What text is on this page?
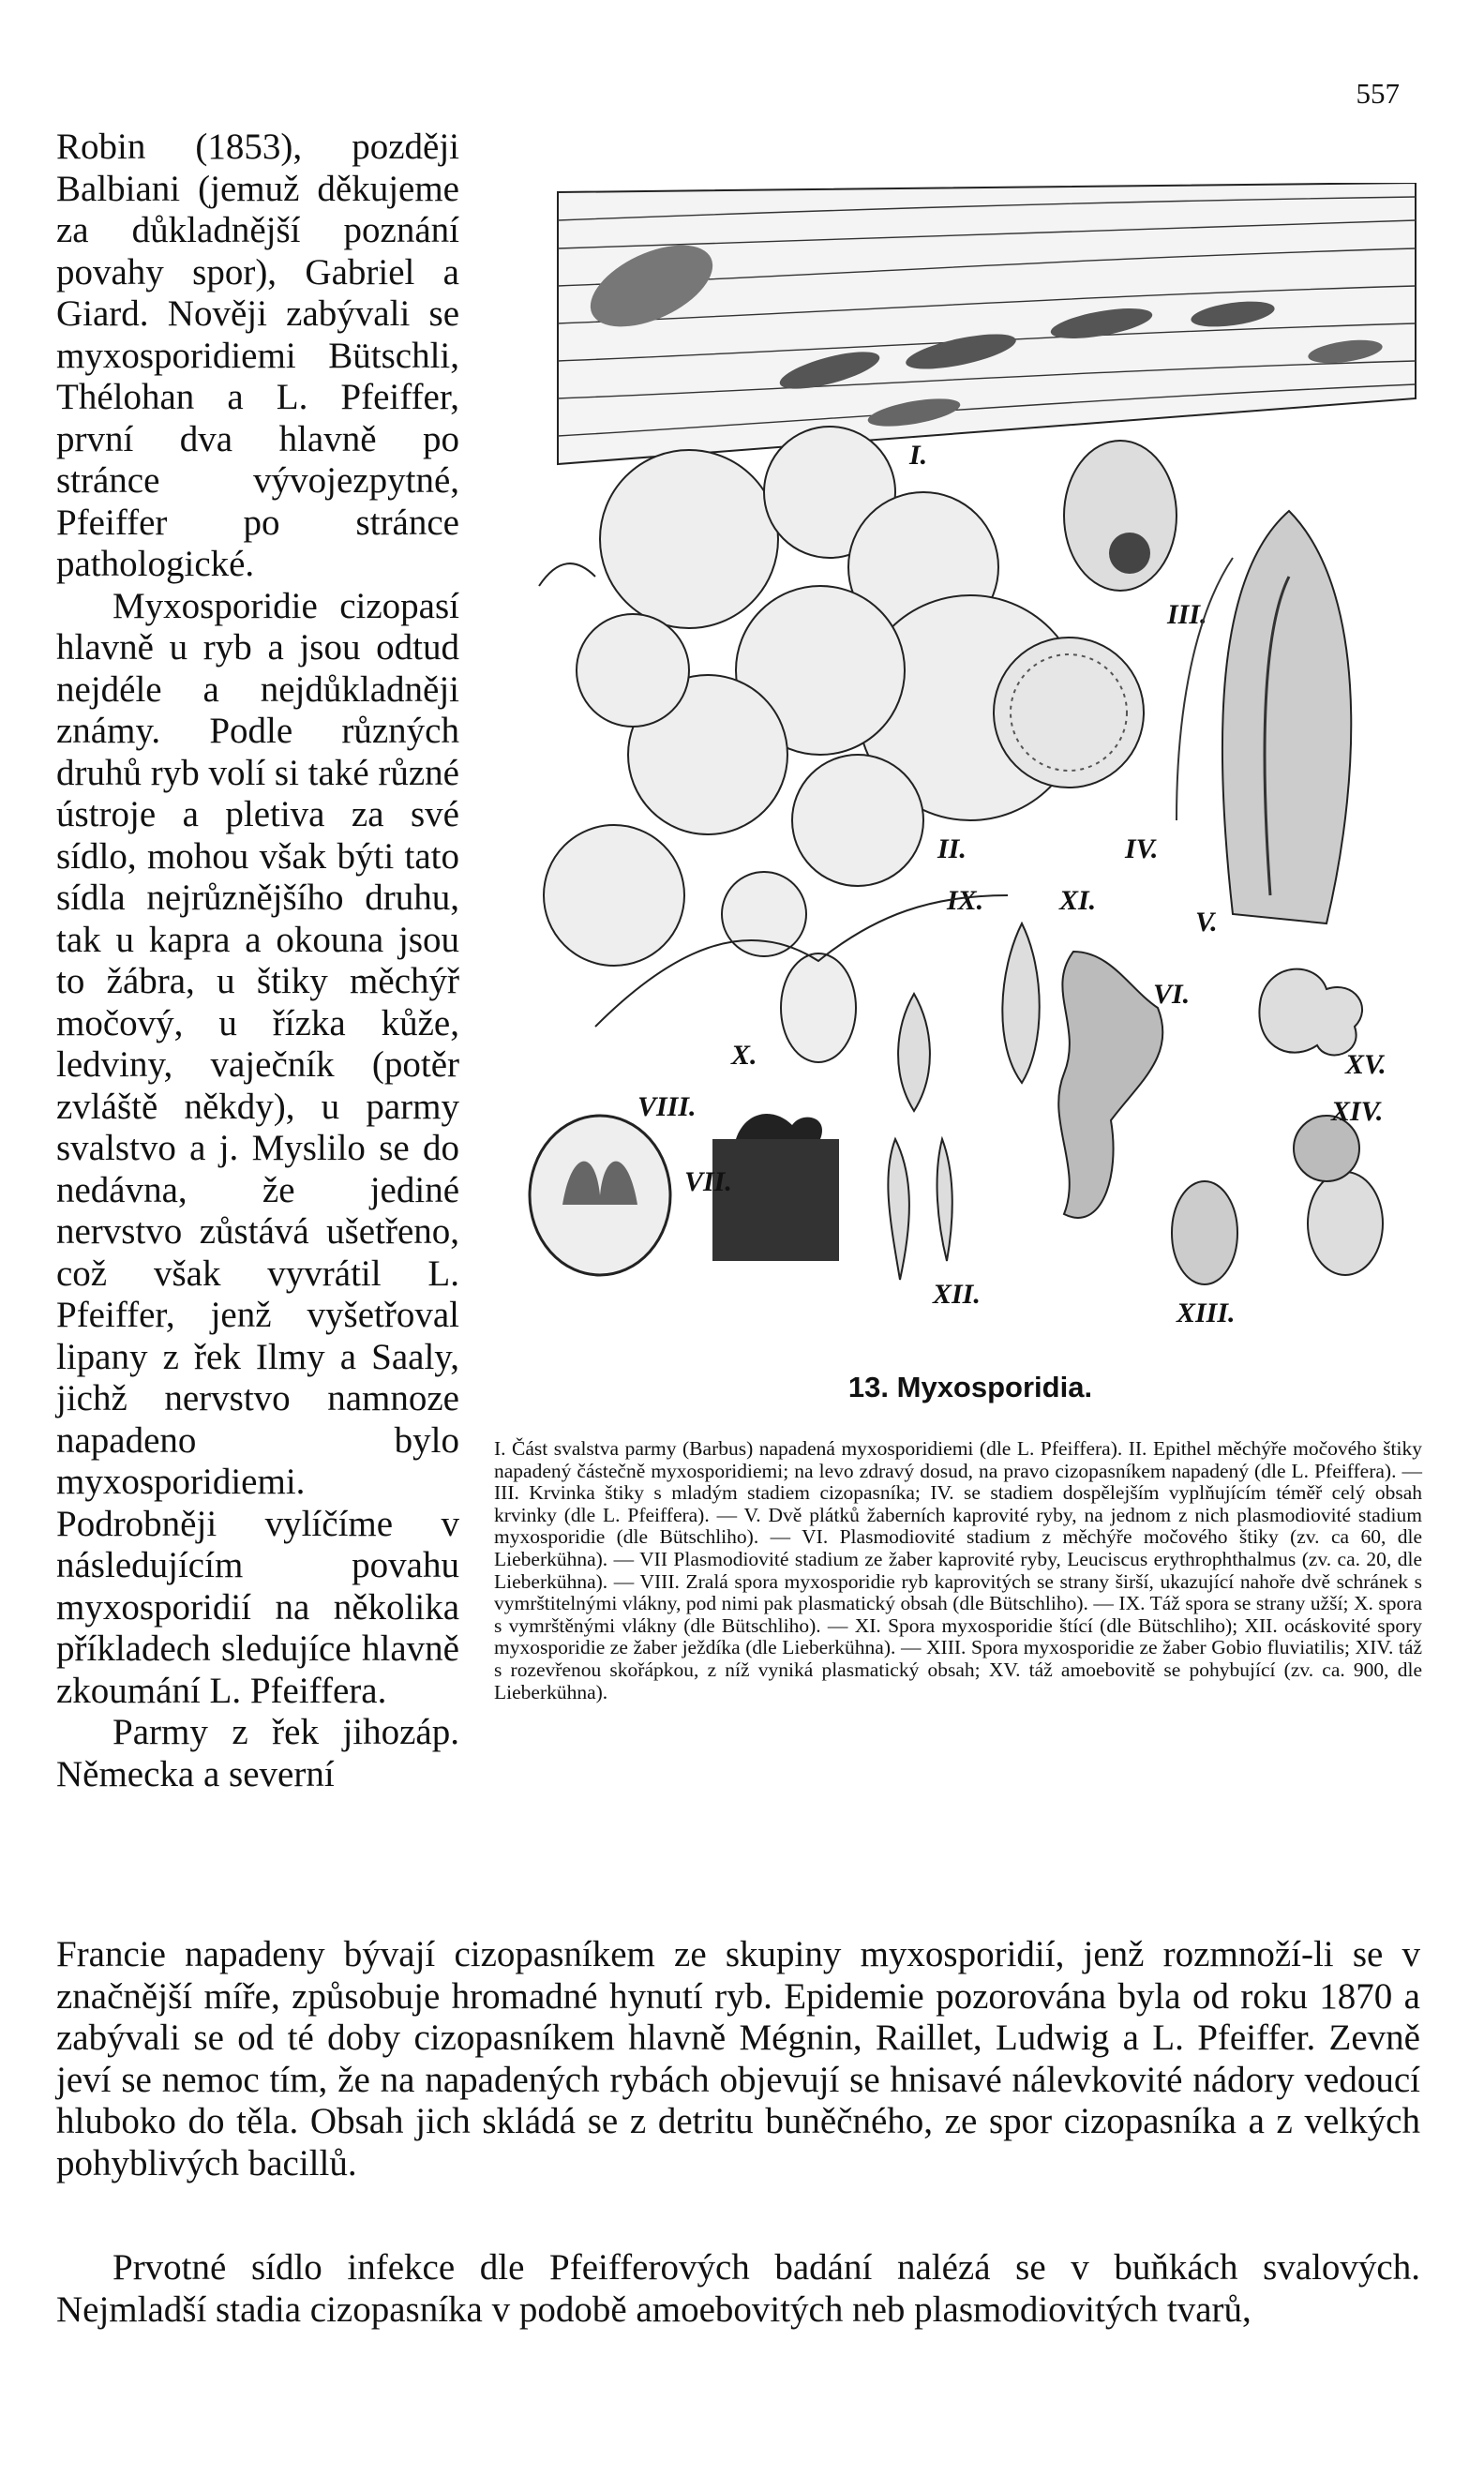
557

Robin (1853), později Balbiani (jemuž děkujeme za důkladnější poznání povahy spor), Gabriel a Giard. Nověji zabývali se myxosporidiemi Bütschli, Thélohan a L. Pfeiffer, první dva hlavně po stránce vývojezpytné, Pfeiffer po stránce pathologické.

Myxosporidie cizopasí hlavně u ryb a jsou odtud nejdéle a nejdůkladněji známy. Podle různých druhů ryb volí si také různé ústroje a pletiva za své sídlo, mohou však býti tato sídla nejrůznějšího druhu, tak u kapra a okouna jsou to žábra, u štiky měchýř močový, u řízka kůže, ledviny, vaječník (potěr zvláště někdy), u parmy svalstvo a j. Myslilo se do nedávna, že jediné nervstvo zůstává ušetřeno, což však vyvrátil L. Pfeiffer, jenž vyšetřoval lipany z řek Ilmy a Saaly, jichž nervstvo namnoze napadeno bylo myxosporidiemi. Podrobněji vylíčíme v následujícím povahu myxosporidií na několika příkladech sledujíce hlavně zkoumání L. Pfeiffera.

Parmy z řek jihozáp. Německa a severní

I.
II.
III.
IV.
V.
VI.
VII.
VIII.
IX.
X.
XI.
XII.
XIII.
XIV.
XV.
13. Myxosporidia.

I. Část svalstva parmy (Barbus) napadená myxosporidiemi (dle L. Pfeiffera). II. Epithel měchýře močového štiky napadený částečně myxosporidiemi; na levo zdravý dosud, na pravo cizopasníkem napadený (dle L. Pfeiffera). — III. Krvinka štiky s mladým stadiem cizopasníka; IV. se stadiem dospělejším vyplňujícím téměř celý obsah krvinky (dle L. Pfeiffera). — V. Dvě plátků žaberních kaprovité ryby, na jednom z nich plasmodiovité stadium myxosporidie (dle Bütschliho). — VI. Plasmodiovité stadium z měchýře močového štiky (zv. ca 60, dle Lieberkühna). — VII Plasmodiovité stadium ze žaber kaprovité ryby, Leuciscus erythrophthalmus (zv. ca. 20, dle Lieberkühna). — VIII. Zralá spora myxosporidie ryb kaprovitých se strany širší, ukazující nahoře dvě schránek s vymrštitelnými vlákny, pod nimi pak plasmatický obsah (dle Bütschliho). — IX. Táž spora se strany užší; X. spora s vymrštěnými vlákny (dle Bütschliho). — XI. Spora myxosporidie štící (dle Bütschliho); XII. ocáskovité spory myxosporidie ze žaber ježdíka (dle Lieberkühna). — XIII. Spora myxosporidie ze žaber Gobio fluviatilis; XIV. táž s rozevřenou skořápkou, z níž vyniká plasmatický obsah; XV. táž amoebovitě se pohybující (zv. ca. 900, dle Lieberkühna).

Francie napadeny bývají cizopasníkem ze skupiny myxosporidií, jenž rozmnoží-li se v značnější míře, způsobuje hromadné hynutí ryb. Epidemie pozorována byla od roku 1870 a zabývali se od té doby cizopasníkem hlavně Mégnin, Raillet, Ludwig a L. Pfeiffer. Zevně jeví se nemoc tím, že na napadených rybách objevují se hnisavé nálevkovité nádory vedoucí hluboko do těla. Obsah jich skládá se z detritu buněčného, ze spor cizopasníka a z velkých pohyblivých bacillů.

Prvotné sídlo infekce dle Pfeifferových badání nalézá se v buňkách svalových. Nejmladší stadia cizopasníka v podobě amoebovitých neb plasmodiovitých tvarů,
